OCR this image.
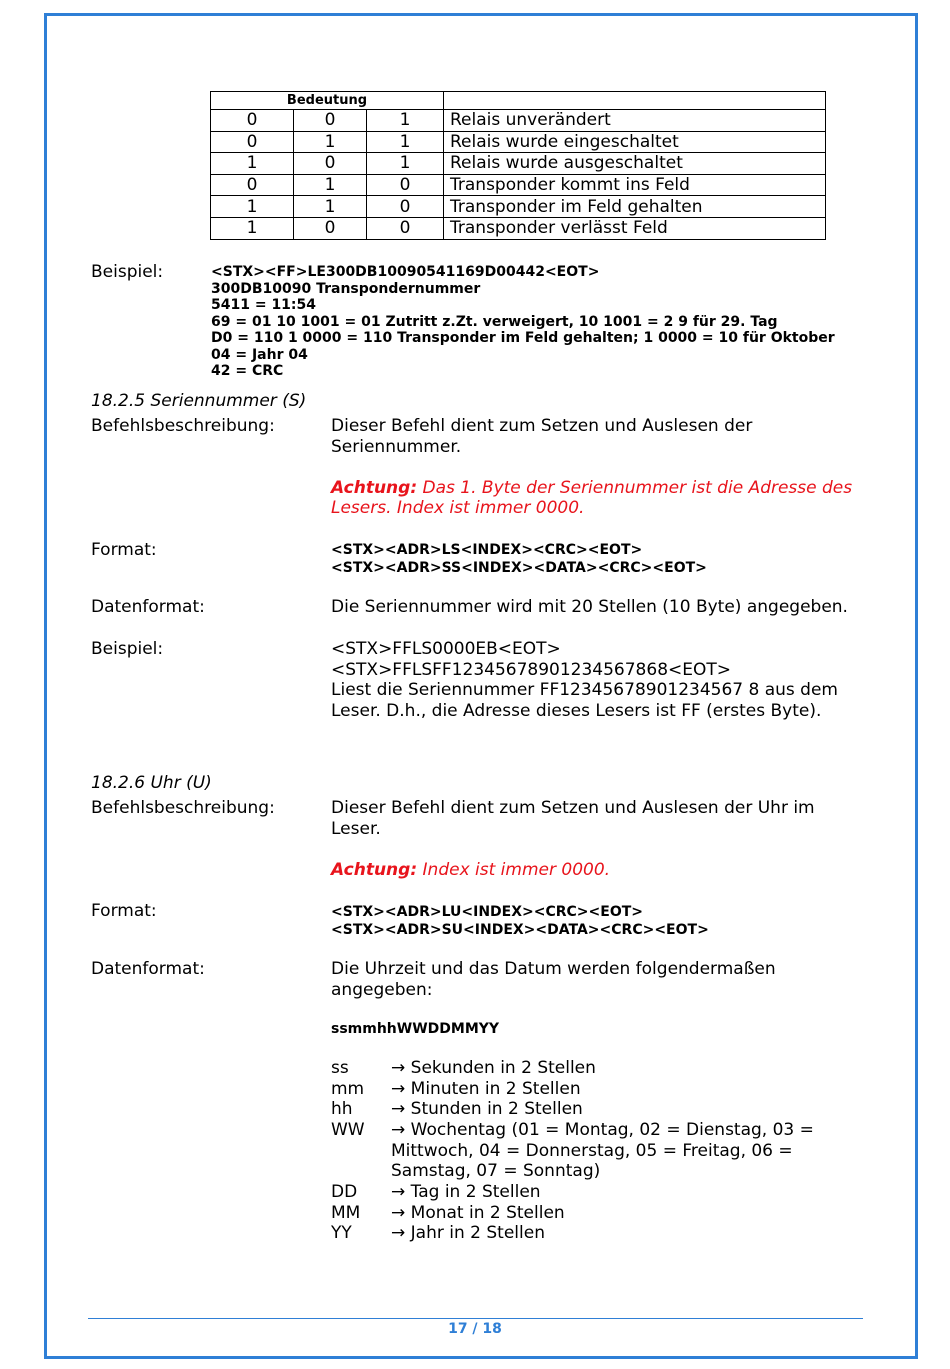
Bedeutung			
0	0	1	Relais unverändert
0	1	1	Relais wurde eingeschaltet
1	0	1	Relais wurde ausgeschaltet
0	1	0	Transponder kommt ins Feld
1	1	0	Transponder im Feld gehalten
1	0	0	Transponder verlässt Feld
Beispiel:	<STX><FF>LE300DB10090541169D00442<EOT>
300DB10090 Transpondernummer
5411 = 11:54
69 = 01 10 1001 = 01 Zutritt z.Zt. verweigert, 10 1001 = 2 9 für 29. Tag
D0 = 110 1 0000 = 110 Transponder im Feld gehalten; 1 0000 = 10 für Oktober
04 = Jahr 04
42 = CRC
18.2.5 Seriennummer (S)
Befehlsbeschreibung:	Dieser Befehl dient zum Setzen und Auslesen der
Seriennummer.
Achtung: Das 1. Byte der Seriennummer ist die Adresse des
Lesers. Index ist immer 0000.
Format:	<STX><ADR>LS<INDEX><CRC><EOT>
<STX><ADR>SS<INDEX><DATA><CRC><EOT>
Datenformat:	Die Seriennummer wird mit 20 Stellen (10 Byte) angegeben.
Beispiel:	<STX>FFLS0000EB<EOT>
<STX>FFLSFF12345678901234567868<EOT>
Liest die Seriennummer FF12345678901234567 8 aus dem
Leser. D.h., die Adresse dieses Lesers ist FF (erstes Byte).
18.2.6 Uhr (U)
Befehlsbeschreibung:	Dieser Befehl dient zum Setzen und Auslesen der Uhr im
Leser.
Achtung: Index ist immer 0000.
Format:	<STX><ADR>LU<INDEX><CRC><EOT>
<STX><ADR>SU<INDEX><DATA><CRC><EOT>
Datenformat:	Die Uhrzeit und das Datum werden folgendermaßen
angegeben:
ssmmhhWWDDMMYY
ss → Sekunden in 2 Stellen
mm → Minuten in 2 Stellen
hh → Stunden in 2 Stellen
WW → Wochentag (01 = Montag, 02 = Dienstag, 03 =
Mittwoch, 04 = Donnerstag, 05 = Freitag, 06 =
Samstag, 07 = Sonntag)
DD → Tag in 2 Stellen
MM → Monat in 2 Stellen
YY → Jahr in 2 Stellen
17 / 18
